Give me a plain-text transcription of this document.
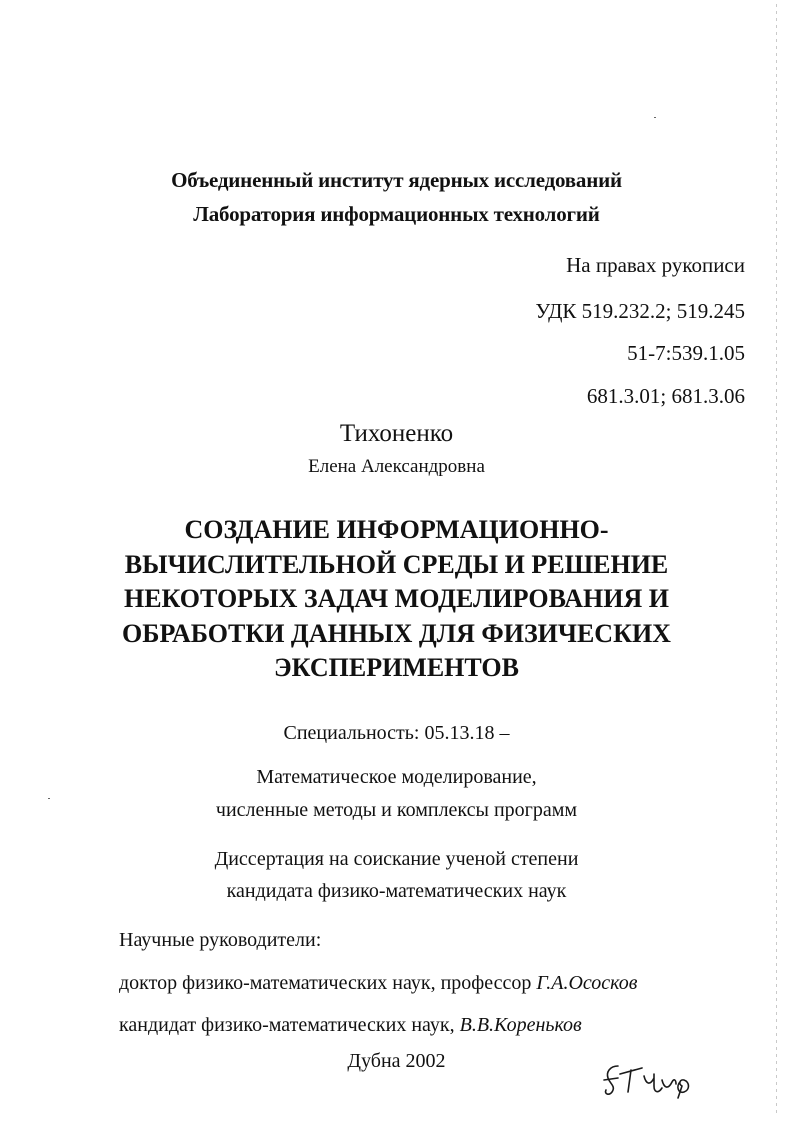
Объединенный институт ядерных исследований
Лаборатория информационных технологий
На правах рукописи
УДК 519.232.2; 519.245
51-7:539.1.05
681.3.01; 681.3.06
Тихоненко
Елена Александровна
СОЗДАНИЕ ИНФОРМАЦИОННО-
ВЫЧИСЛИТЕЛЬНОЙ СРЕДЫ И РЕШЕНИЕ
НЕКОТОРЫХ ЗАДАЧ МОДЕЛИРОВАНИЯ И
ОБРАБОТКИ ДАННЫХ ДЛЯ ФИЗИЧЕСКИХ
ЭКСПЕРИМЕНТОВ
Специальность: 05.13.18 –
Математическое моделирование,
численные методы и комплексы программ
Диссертация на соискание ученой степени
кандидата физико-математических наук
Научные руководители:
доктор физико-математических наук, профессор Г.А.Ососков
кандидат физико-математических наук, В.В.Кореньков
Дубна 2002
